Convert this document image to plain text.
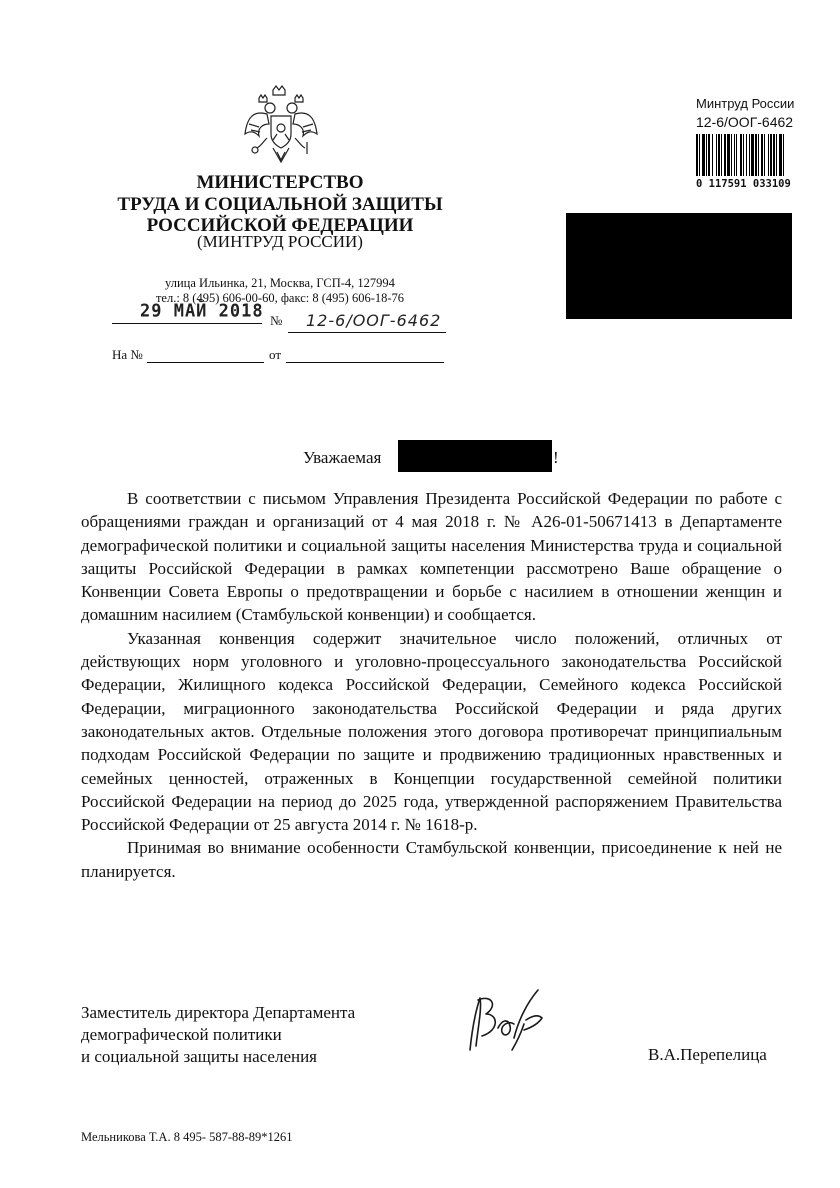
МИНИСТЕРСТВО
ТРУДА И СОЦИАЛЬНОЙ ЗАЩИТЫ
РОССИЙСКОЙ ФЕДЕРАЦИИ
(МИНТРУД РОССИИ)
улица Ильинка, 21, Москва, ГСП-4, 127994
тел.: 8 (495) 606-00-60, факс: 8 (495) 606-18-76
29 МАЙ 2018 № 12-6/ООГ-6462
На №	от
Минтруд России
12-6/ООГ-6462
0 117591 033109
Уважаемая	!

В соответствии с письмом Управления Президента Российской Федерации по работе с обращениями граждан и организаций от 4 мая 2018 г. № А26-01-50671413 в Департаменте демографической политики и социальной защиты населения Министерства труда и социальной защиты Российской Федерации в рамках компетенции рассмотрено Ваше обращение о Конвенции Совета Европы о предотвращении и борьбе с насилием в отношении женщин и домашним насилием (Стамбульской конвенции) и сообщается.

Указанная конвенция содержит значительное число положений, отличных от действующих норм уголовного и уголовно-процессуального законодательства Российской Федерации, Жилищного кодекса Российской Федерации, Семейного кодекса Российской Федерации, миграционного законодательства Российской Федерации и ряда других законодательных актов. Отдельные положения этого договора противоречат принципиальным подходам Российской Федерации по защите и продвижению традиционных нравственных и семейных ценностей, отраженных в Концепции государственной семейной политики Российской Федерации на период до 2025 года, утвержденной распоряжением Правительства Российской Федерации от 25 августа 2014 г. № 1618-р.

Принимая во внимание особенности Стамбульской конвенции, присоединение к ней не планируется.

Заместитель директора Департамента
демографической политики
и социальной защиты населения	В.А.Перепелица
Мельникова Т.А. 8 495- 587-88-89*1261
